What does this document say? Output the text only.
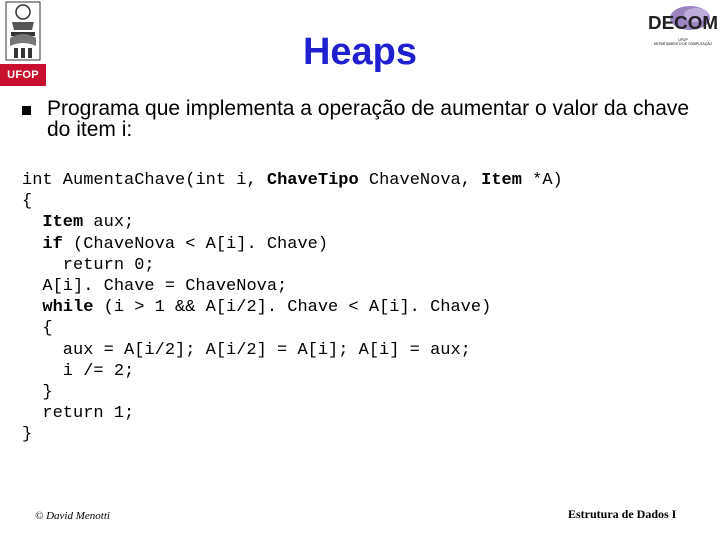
UFOP
DECOM
UFOP
DEPARTAMENTO DE COMPUTAÇÃO
Heaps
Programa que implementa a operação de aumentar o valor da chave do item i:
int AumentaChave(int i, ChaveTipo ChaveNova, Item *A)
{
Item aux;
if (ChaveNova < A[i]. Chave)
return 0;
A[i]. Chave = ChaveNova;
while (i > 1 && A[i/2]. Chave < A[i]. Chave)
{
aux = A[i/2]; A[i/2] = A[i]; A[i] = aux;
i /= 2;
}
return 1;
}
© David Menotti	Estrutura de Dados I
